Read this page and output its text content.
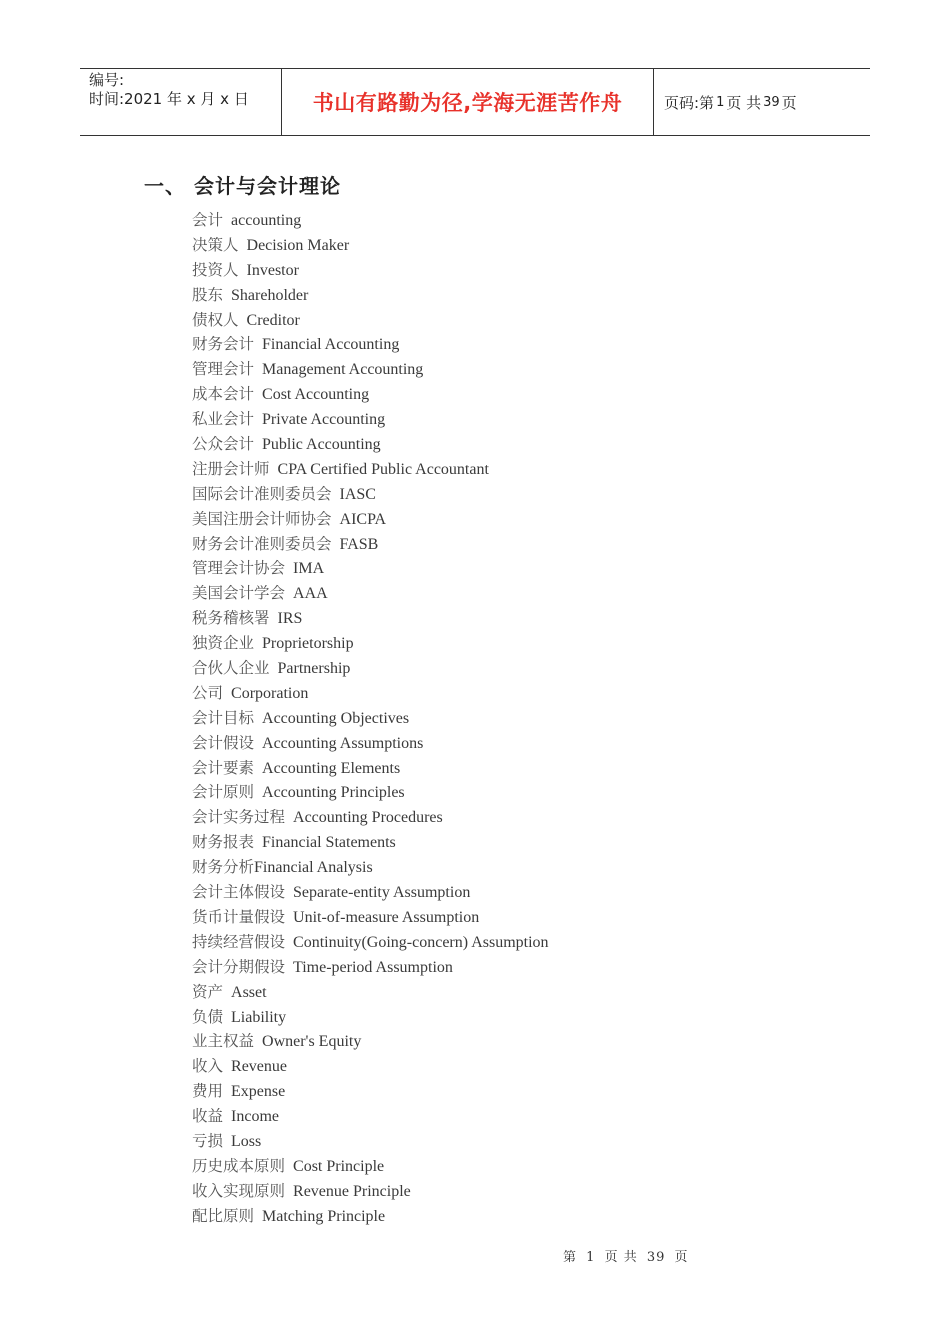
编号:
时间:2021 年 x 月 x 日	书山有路勤为径,学海无涯苦作舟	页码:第 1 页 共 39 页
一、 会计与会计理论
会计 accounting
决策人 Decision Maker
投资人 Investor
股东 Shareholder
债权人 Creditor
财务会计 Financial Accounting
管理会计 Management Accounting
成本会计 Cost Accounting
私业会计 Private Accounting
公众会计 Public Accounting
注册会计师 CPA Certified Public Accountant
国际会计准则委员会 IASC
美国注册会计师协会 AICPA
财务会计准则委员会 FASB
管理会计协会 IMA
美国会计学会 AAA
税务稽核署 IRS
独资企业 Proprietorship
合伙人企业 Partnership
公司 Corporation
会计目标 Accounting Objectives
会计假设 Accounting Assumptions
会计要素 Accounting Elements
会计原则 Accounting Principles
会计实务过程 Accounting Procedures
财务报表 Financial Statements
财务分析Financial Analysis
会计主体假设 Separate-entity Assumption
货币计量假设 Unit-of-measure Assumption
持续经营假设 Continuity(Going-concern) Assumption
会计分期假设 Time-period Assumption
资产 Asset
负债 Liability
业主权益 Owner's Equity
收入 Revenue
费用 Expense
收益 Income
亏损 Loss
历史成本原则 Cost Principle
收入实现原则 Revenue Principle
配比原则 Matching Principle
第 1 页 共 39 页
